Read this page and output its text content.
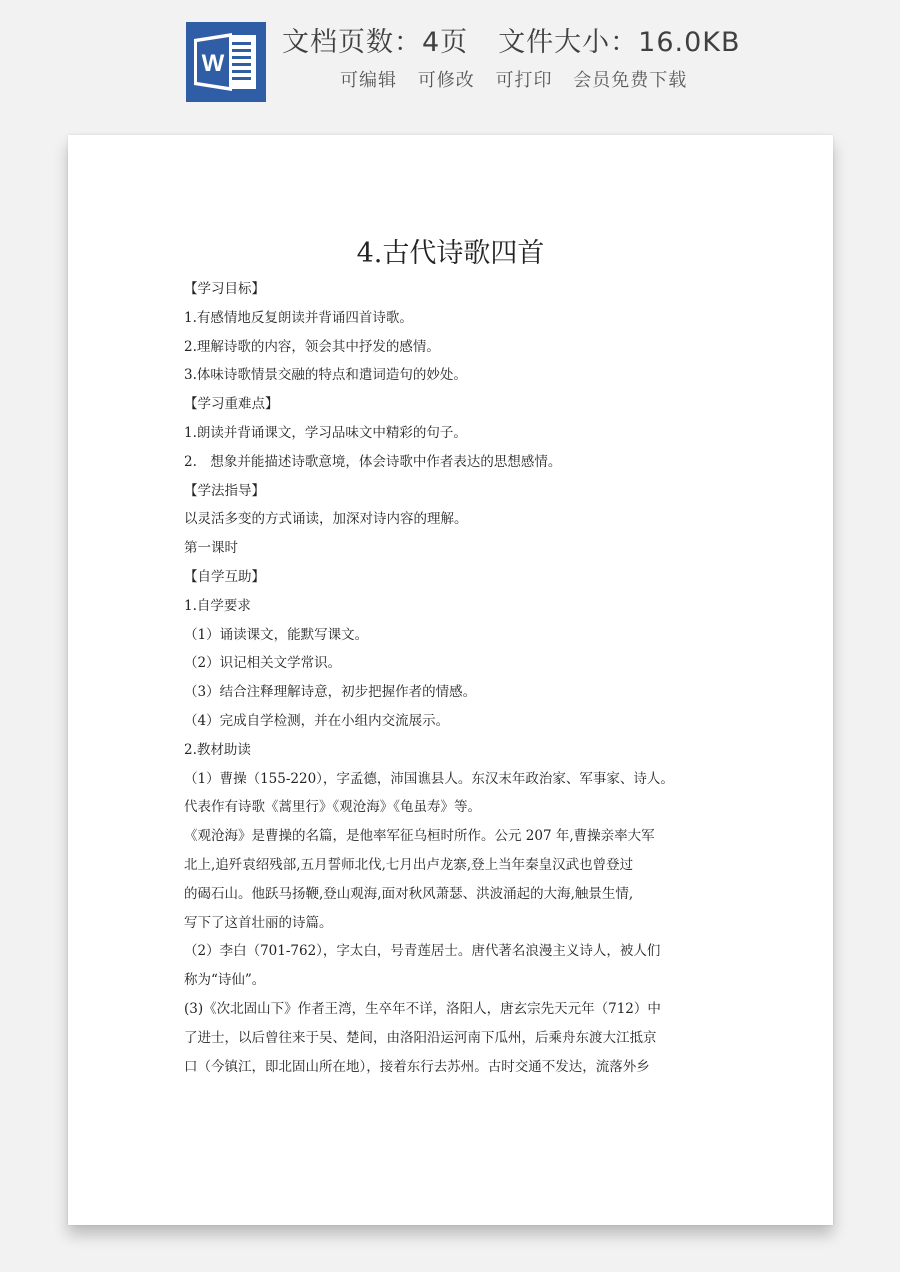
W
文档页数：4页 文件大小：16.0KB
可编辑 可修改 可打印 会员免费下载
4.古代诗歌四首
【学习目标】
1.有感情地反复朗读并背诵四首诗歌。
2.理解诗歌的内容，领会其中抒发的感情。
3.体味诗歌情景交融的特点和遣词造句的妙处。
【学习重难点】
1.朗读并背诵课文，学习品味文中精彩的句子。
2.　想象并能描述诗歌意境，体会诗歌中作者表达的思想感情。
【学法指导】
以灵活多变的方式诵读，加深对诗内容的理解。
第一课时
【自学互助】
1.自学要求
（1）诵读课文，能默写课文。
（2）识记相关文学常识。
（3）结合注释理解诗意，初步把握作者的情感。
（4）完成自学检测，并在小组内交流展示。
2.教材助读
（1）曹操（155-220），字孟德，沛国谯县人。东汉末年政治家、军事家、诗人。
代表作有诗歌《蒿里行》《观沧海》《龟虽寿》等。
《观沧海》是曹操的名篇，是他率军征乌桓时所作。公元 207 年,曹操亲率大军
北上,追歼袁绍残部,五月誓师北伐,七月出卢龙寨,登上当年秦皇汉武也曾登过
的碣石山。他跃马扬鞭,登山观海,面对秋风萧瑟、洪波涌起的大海,触景生情,
写下了这首壮丽的诗篇。
（2）李白（701-762），字太白，号青莲居士。唐代著名浪漫主义诗人，被人们
称为“诗仙”。
(3)《次北固山下》作者王湾，生卒年不详，洛阳人，唐玄宗先天元年（712）中
了进士，以后曾往来于吴、楚间，由洛阳沿运河南下瓜州，后乘舟东渡大江抵京
口（今镇江，即北固山所在地），接着东行去苏州。古时交通不发达，流落外乡
